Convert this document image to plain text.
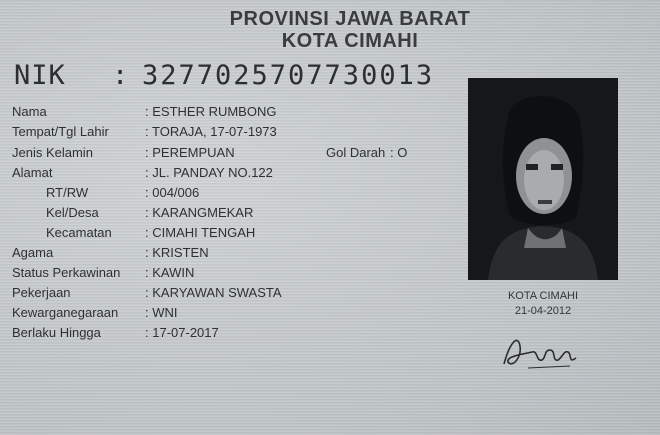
PROVINSI JAWA BARAT
KOTA CIMAHI
NIK : 3277025707730013
Nama	: ESTHER RUMBONG
Tempat/Tgl Lahir	: TORAJA, 17-07-1973
Jenis Kelamin	: PEREMPUAN	Gol Darah : O
Alamat	: JL. PANDAY NO.122
RT/RW	: 004/006
Kel/Desa	: KARANGMEKAR
Kecamatan	: CIMAHI TENGAH
Agama	: KRISTEN
Status Perkawinan	: KAWIN
Pekerjaan	: KARYAWAN SWASTA
Kewarganegaraan	: WNI
Berlaku Hingga	: 17-07-2017
KOTA CIMAHI
21-04-2012
